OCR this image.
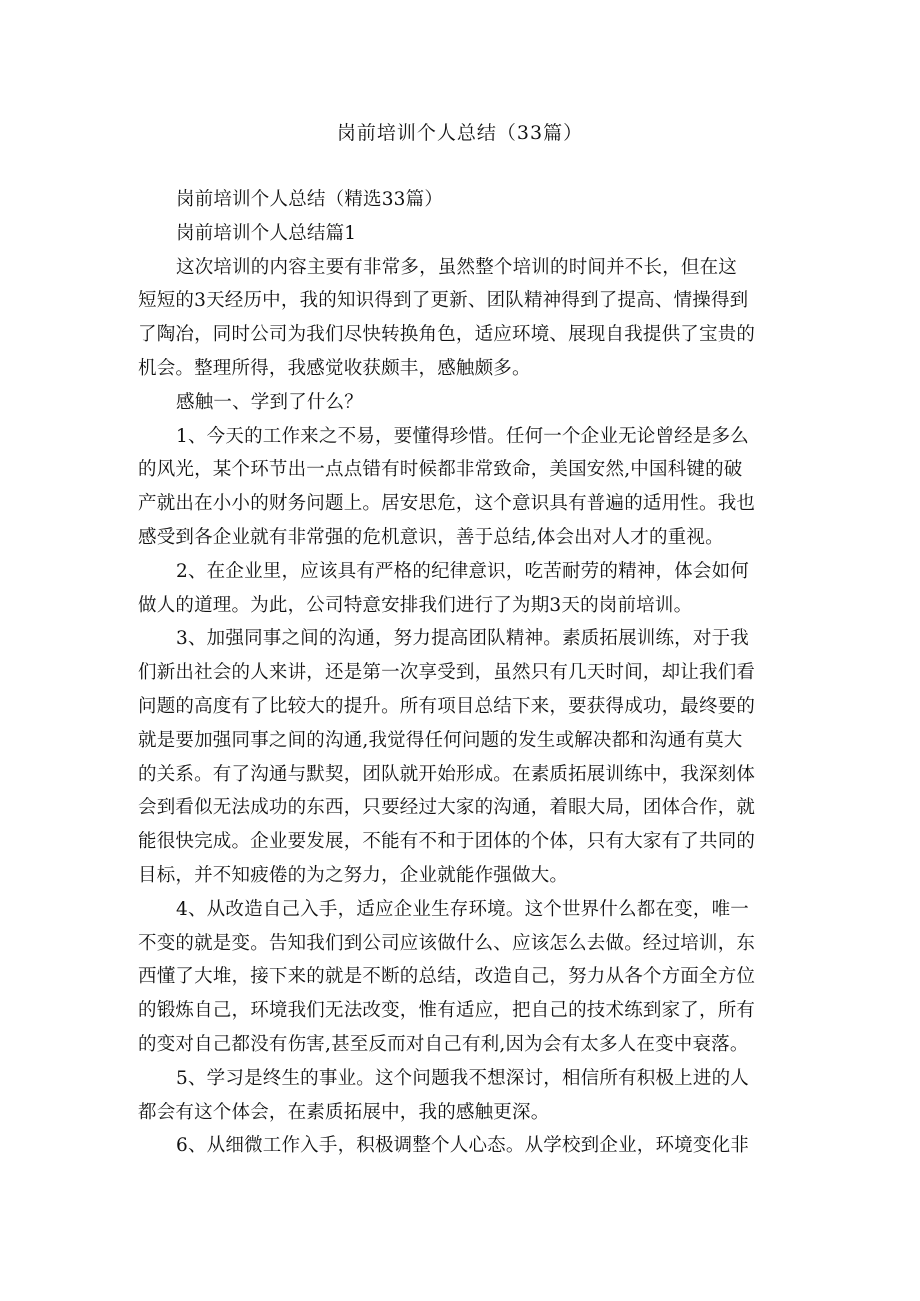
岗前培训个人总结（33篇）
岗前培训个人总结（精选33篇）
岗前培训个人总结篇1
这次培训的内容主要有非常多，虽然整个培训的时间并不长，但在这
短短的3天经历中，我的知识得到了更新、团队精神得到了提高、情操得到
了陶冶，同时公司为我们尽快转换角色，适应环境、展现自我提供了宝贵的
机会。整理所得，我感觉收获颇丰，感触颇多。
感触一、学到了什么？
1、今天的工作来之不易，要懂得珍惜。任何一个企业无论曾经是多么
的风光，某个环节出一点点错有时候都非常致命，美国安然,中国科键的破
产就出在小小的财务问题上。居安思危，这个意识具有普遍的适用性。我也
感受到各企业就有非常强的危机意识，善于总结,体会出对人才的重视。
2、在企业里，应该具有严格的纪律意识，吃苦耐劳的精神，体会如何
做人的道理。为此，公司特意安排我们进行了为期3天的岗前培训。
3、加强同事之间的沟通，努力提高团队精神。素质拓展训练，对于我
们新出社会的人来讲，还是第一次享受到，虽然只有几天时间，却让我们看
问题的高度有了比较大的提升。所有项目总结下来，要获得成功，最终要的
就是要加强同事之间的沟通,我觉得任何问题的发生或解决都和沟通有莫大
的关系。有了沟通与默契，团队就开始形成。在素质拓展训练中，我深刻体
会到看似无法成功的东西，只要经过大家的沟通，着眼大局，团体合作，就
能很快完成。企业要发展，不能有不和于团体的个体，只有大家有了共同的
目标，并不知疲倦的为之努力，企业就能作强做大。
4、从改造自己入手，适应企业生存环境。这个世界什么都在变，唯一
不变的就是变。告知我们到公司应该做什么、应该怎么去做。经过培训，东
西懂了大堆，接下来的就是不断的总结，改造自己，努力从各个方面全方位
的锻炼自己，环境我们无法改变，惟有适应，把自己的技术练到家了，所有
的变对自己都没有伤害,甚至反而对自己有利,因为会有太多人在变中衰落。
5、学习是终生的事业。这个问题我不想深讨，相信所有积极上进的人
都会有这个体会，在素质拓展中，我的感触更深。
6、从细微工作入手，积极调整个人心态。从学校到企业，环境变化非
